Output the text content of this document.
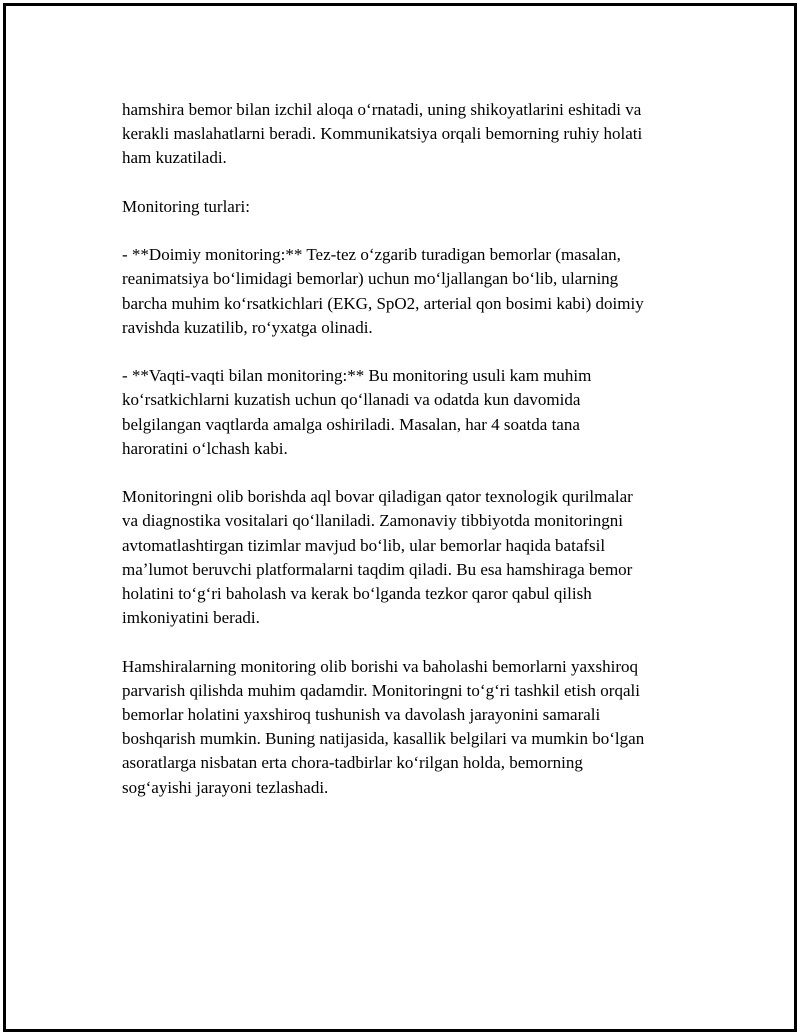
hamshira bemor bilan izchil aloqa oʻrnatadi, uning shikoyatlarini eshitadi va
kerakli maslahatlarni beradi. Kommunikatsiya orqali bemorning ruhiy holati
ham kuzatiladi.

Monitoring turlari:

- **Doimiy monitoring:** Tez-tez oʻzgarib turadigan bemorlar (masalan,
reanimatsiya boʻlimidagi bemorlar) uchun moʻljallangan boʻlib, ularning
barcha muhim koʻrsatkichlari (EKG, SpO2, arterial qon bosimi kabi) doimiy
ravishda kuzatilib, roʻyxatga olinadi.

- **Vaqti-vaqti bilan monitoring:** Bu monitoring usuli kam muhim
koʻrsatkichlarni kuzatish uchun qoʻllanadi va odatda kun davomida
belgilangan vaqtlarda amalga oshiriladi. Masalan, har 4 soatda tana
haroratini oʻlchash kabi.

Monitoringni olib borishda aql bovar qiladigan qator texnologik qurilmalar
va diagnostika vositalari qoʻllaniladi. Zamonaviy tibbiyotda monitoringni
avtomatlashtirgan tizimlar mavjud boʻlib, ular bemorlar haqida batafsil
maʼlumot beruvchi platformalarni taqdim qiladi. Bu esa hamshiraga bemor
holatini toʻgʻri baholash va kerak boʻlganda tezkor qaror qabul qilish
imkoniyatini beradi.

Hamshiralarning monitoring olib borishi va baholashi bemorlarni yaxshiroq
parvarish qilishda muhim qadamdir. Monitoringni toʻgʻri tashkil etish orqali
bemorlar holatini yaxshiroq tushunish va davolash jarayonini samarali
boshqarish mumkin. Buning natijasida, kasallik belgilari va mumkin boʻlgan
asoratlarga nisbatan erta chora-tadbirlar koʻrilgan holda, bemorning
sogʻayishi jarayoni tezlashadi.
